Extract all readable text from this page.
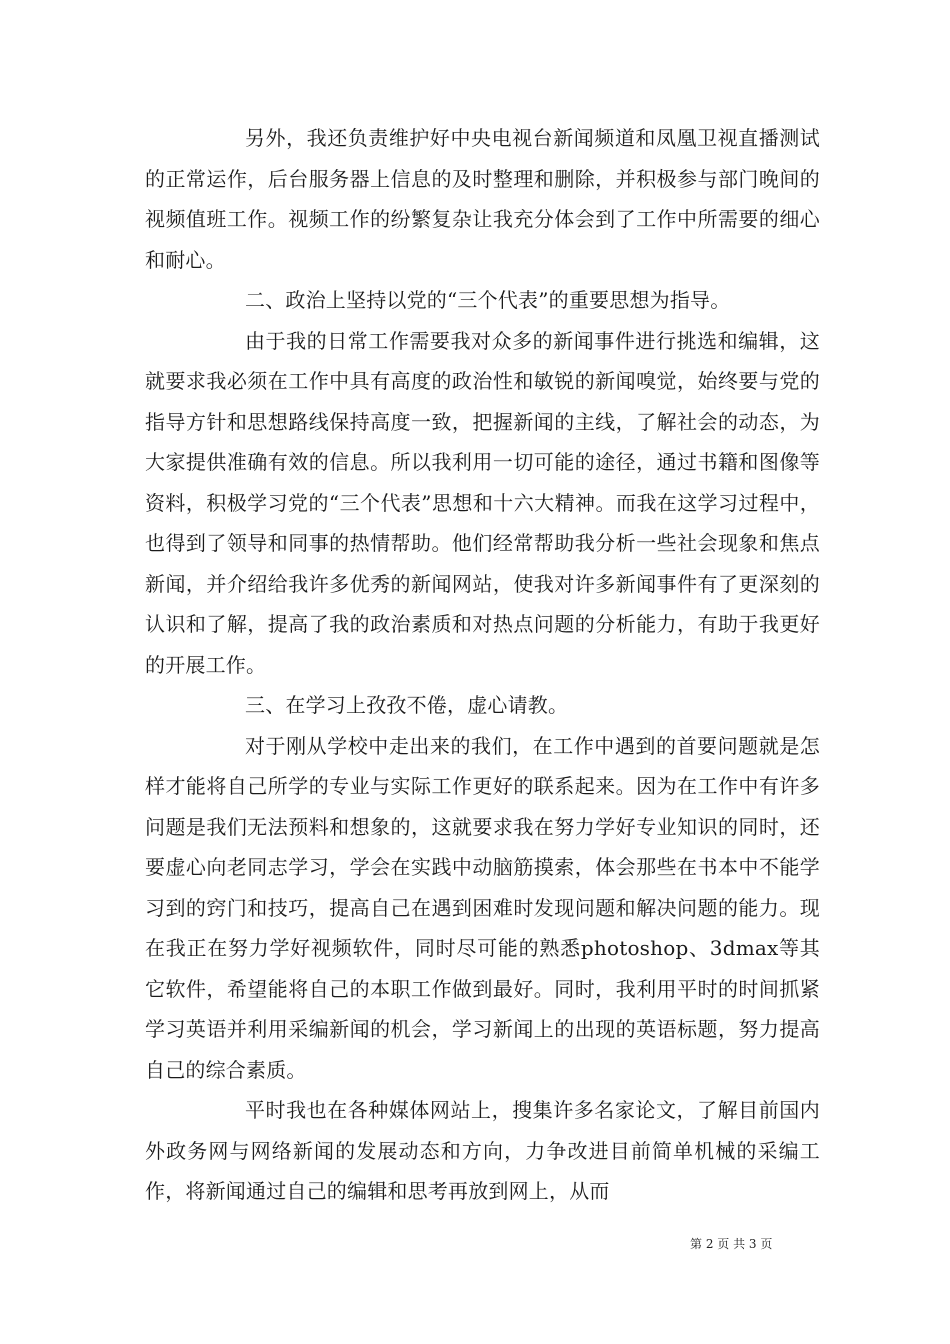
另外，我还负责维护好中央电视台新闻频道和凤凰卫视直播测试的正常运作，后台服务器上信息的及时整理和删除，并积极参与部门晚间的视频值班工作。视频工作的纷繁复杂让我充分体会到了工作中所需要的细心和耐心。

二、政治上坚持以党的“三个代表”的重要思想为指导。

由于我的日常工作需要我对众多的新闻事件进行挑选和编辑，这就要求我必须在工作中具有高度的政治性和敏锐的新闻嗅觉，始终要与党的指导方针和思想路线保持高度一致，把握新闻的主线，了解社会的动态，为大家提供准确有效的信息。所以我利用一切可能的途径，通过书籍和图像等资料，积极学习党的“三个代表”思想和十六大精神。而我在这学习过程中，也得到了领导和同事的热情帮助。他们经常帮助我分析一些社会现象和焦点新闻，并介绍给我许多优秀的新闻网站，使我对许多新闻事件有了更深刻的认识和了解，提高了我的政治素质和对热点问题的分析能力，有助于我更好的开展工作。

三、在学习上孜孜不倦，虚心请教。

对于刚从学校中走出来的我们，在工作中遇到的首要问题就是怎样才能将自己所学的专业与实际工作更好的联系起来。因为在工作中有许多问题是我们无法预料和想象的，这就要求我在努力学好专业知识的同时，还要虚心向老同志学习，学会在实践中动脑筋摸索，体会那些在书本中不能学习到的窍门和技巧，提高自己在遇到困难时发现问题和解决问题的能力。现在我正在努力学好视频软件，同时尽可能的熟悉photoshop、3dmax等其它软件，希望能将自己的本职工作做到最好。同时，我利用平时的时间抓紧学习英语并利用采编新闻的机会，学习新闻上的出现的英语标题，努力提高自己的综合素质。

平时我也在各种媒体网站上，搜集许多名家论文，了解目前国内外政务网与网络新闻的发展动态和方向，力争改进目前简单机械的采编工作，将新闻通过自己的编辑和思考再放到网上，从而

第 2 页 共 3 页
